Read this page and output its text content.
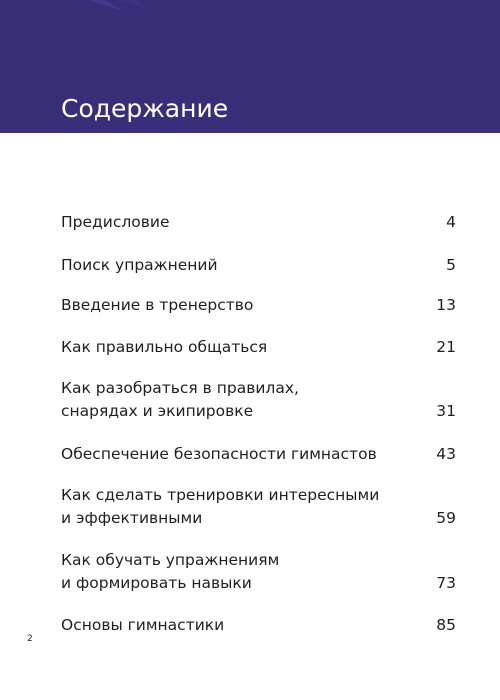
Содержание
Предисловие	4
Поиск упражнений	5
Введение в тренерство	13
Как правильно общаться	21
Как разобраться в правилах,
снарядах и экипировке	31
Обеспечение безопасности гимнастов	43
Как сделать тренировки интересными
и эффективными	59
Как обучать упражнениям
и формировать навыки	73
Основы гимнастики	85
2
